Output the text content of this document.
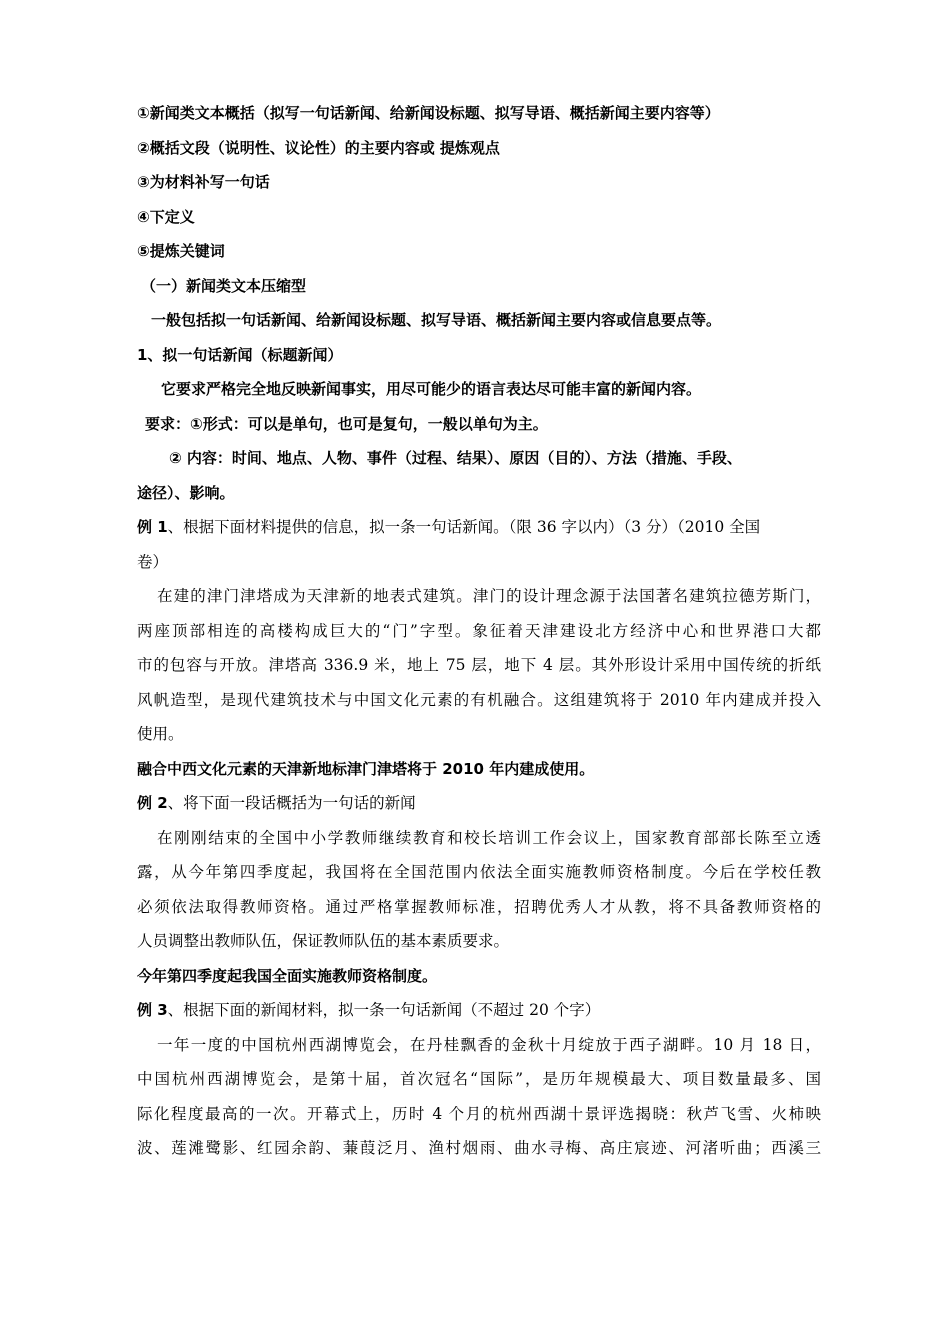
①新闻类文本概括（拟写一句话新闻、给新闻设标题、拟写导语、概括新闻主要内容等）
②概括文段（说明性、议论性）的主要内容或 提炼观点
③为材料补写一句话
④下定义
⑤提炼关键词
（一）新闻类文本压缩型
一般包括拟一句话新闻、给新闻设标题、拟写导语、概括新闻主要内容或信息要点等。
1、拟一句话新闻（标题新闻）
它要求严格完全地反映新闻事实，用尽可能少的语言表达尽可能丰富的新闻内容。
要求：①形式：可以是单句，也可是复句，一般以单句为主。
② 内容：时间、地点、人物、事件（过程、结果）、原因（目的）、方法（措施、手段、
途径）、影响。
例 1、根据下面材料提供的信息，拟一条一句话新闻。（限 36 字以内）（3 分）（2010 全国
卷）
在建的津门津塔成为天津新的地表式建筑。津门的设计理念源于法国著名建筑拉德芳斯门，
两座顶部相连的高楼构成巨大的“门”字型。象征着天津建设北方经济中心和世界港口大都
市的包容与开放。津塔高 336.9 米，地上 75 层，地下 4 层。其外形设计采用中国传统的折纸
风帆造型，是现代建筑技术与中国文化元素的有机融合。这组建筑将于 2010 年内建成并投入
使用。
融合中西文化元素的天津新地标津门津塔将于 2010 年内建成使用。
例 2、将下面一段话概括为一句话的新闻
在刚刚结束的全国中小学教师继续教育和校长培训工作会议上，国家教育部部长陈至立透
露，从今年第四季度起，我国将在全国范围内依法全面实施教师资格制度。今后在学校任教
必须依法取得教师资格。通过严格掌握教师标准，招聘优秀人才从教，将不具备教师资格的
人员调整出教师队伍，保证教师队伍的基本素质要求。
今年第四季度起我国全面实施教师资格制度。
例 3、根据下面的新闻材料，拟一条一句话新闻（不超过 20 个字）
一年一度的中国杭州西湖博览会，在丹桂飘香的金秋十月绽放于西子湖畔。10 月 18 日，
中国杭州西湖博览会，是第十届，首次冠名“国际”，是历年规模最大、项目数量最多、国
际化程度最高的一次。开幕式上，历时 4 个月的杭州西湖十景评选揭晓：秋芦飞雪、火柿映
波、莲滩鹭影、红园余韵、蒹葭泛月、渔村烟雨、曲水寻梅、高庄宸迹、河渚听曲；西溪三
